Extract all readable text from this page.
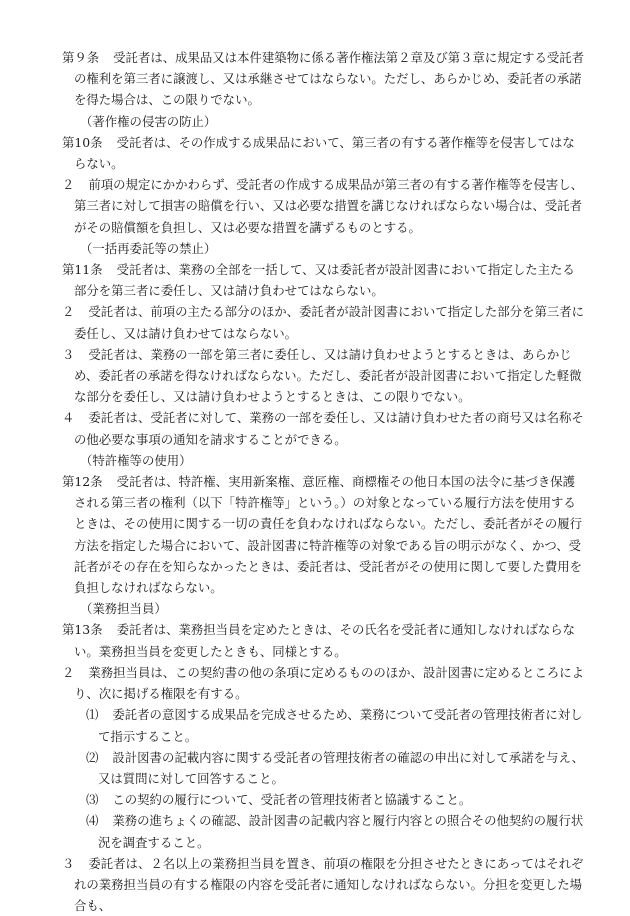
第９条 受託者は、成果品又は本件建築物に係る著作権法第２章及び第３章に規定する受託者の権利を第三者に譲渡し、又は承継させてはならない。ただし、あらかじめ、委託者の承諾を得た場合は、この限りでない。

（著作権の侵害の防止）

第10条 受託者は、その作成する成果品において、第三者の有する著作権等を侵害してはならない。

２ 前項の規定にかかわらず、受託者の作成する成果品が第三者の有する著作権等を侵害し、第三者に対して損害の賠償を行い、又は必要な措置を講じなければならない場合は、受託者がその賠償額を負担し、又は必要な措置を講ずるものとする。

（一括再委託等の禁止）

第11条 受託者は、業務の全部を一括して、又は委託者が設計図書において指定した主たる部分を第三者に委任し、又は請け負わせてはならない。

２ 受託者は、前項の主たる部分のほか、委託者が設計図書において指定した部分を第三者に委任し、又は請け負わせてはならない。

３ 受託者は、業務の一部を第三者に委任し、又は請け負わせようとするときは、あらかじめ、委託者の承諾を得なければならない。ただし、委託者が設計図書において指定した軽微な部分を委任し、又は請け負わせようとするときは、この限りでない。

４ 委託者は、受託者に対して、業務の一部を委任し、又は請け負わせた者の商号又は名称その他必要な事項の通知を請求することができる。

（特許権等の使用）

第12条 受託者は、特許権、実用新案権、意匠権、商標権その他日本国の法令に基づき保護される第三者の権利（以下「特許権等」という。）の対象となっている履行方法を使用するときは、その使用に関する一切の責任を負わなければならない。ただし、委託者がその履行方法を指定した場合において、設計図書に特許権等の対象である旨の明示がなく、かつ、受託者がその存在を知らなかったときは、委託者は、受託者がその使用に関して要した費用を負担しなければならない。

（業務担当員）

第13条 委託者は、業務担当員を定めたときは、その氏名を受託者に通知しなければならない。業務担当員を変更したときも、同様とする。

２ 業務担当員は、この契約書の他の条項に定めるもののほか、設計図書に定めるところにより、次に掲げる権限を有する。

⑴ 委託者の意図する成果品を完成させるため、業務について受託者の管理技術者に対して指示すること。

⑵ 設計図書の記載内容に関する受託者の管理技術者の確認の申出に対して承諾を与え、又は質問に対して回答すること。

⑶ この契約の履行について、受託者の管理技術者と協議すること。

⑷ 業務の進ちょくの確認、設計図書の記載内容と履行内容との照合その他契約の履行状況を調査すること。

３ 委託者は、２名以上の業務担当員を置き、前項の権限を分担させたときにあってはそれぞれの業務担当員の有する権限の内容を受託者に通知しなければならない。分担を変更した場合も、
